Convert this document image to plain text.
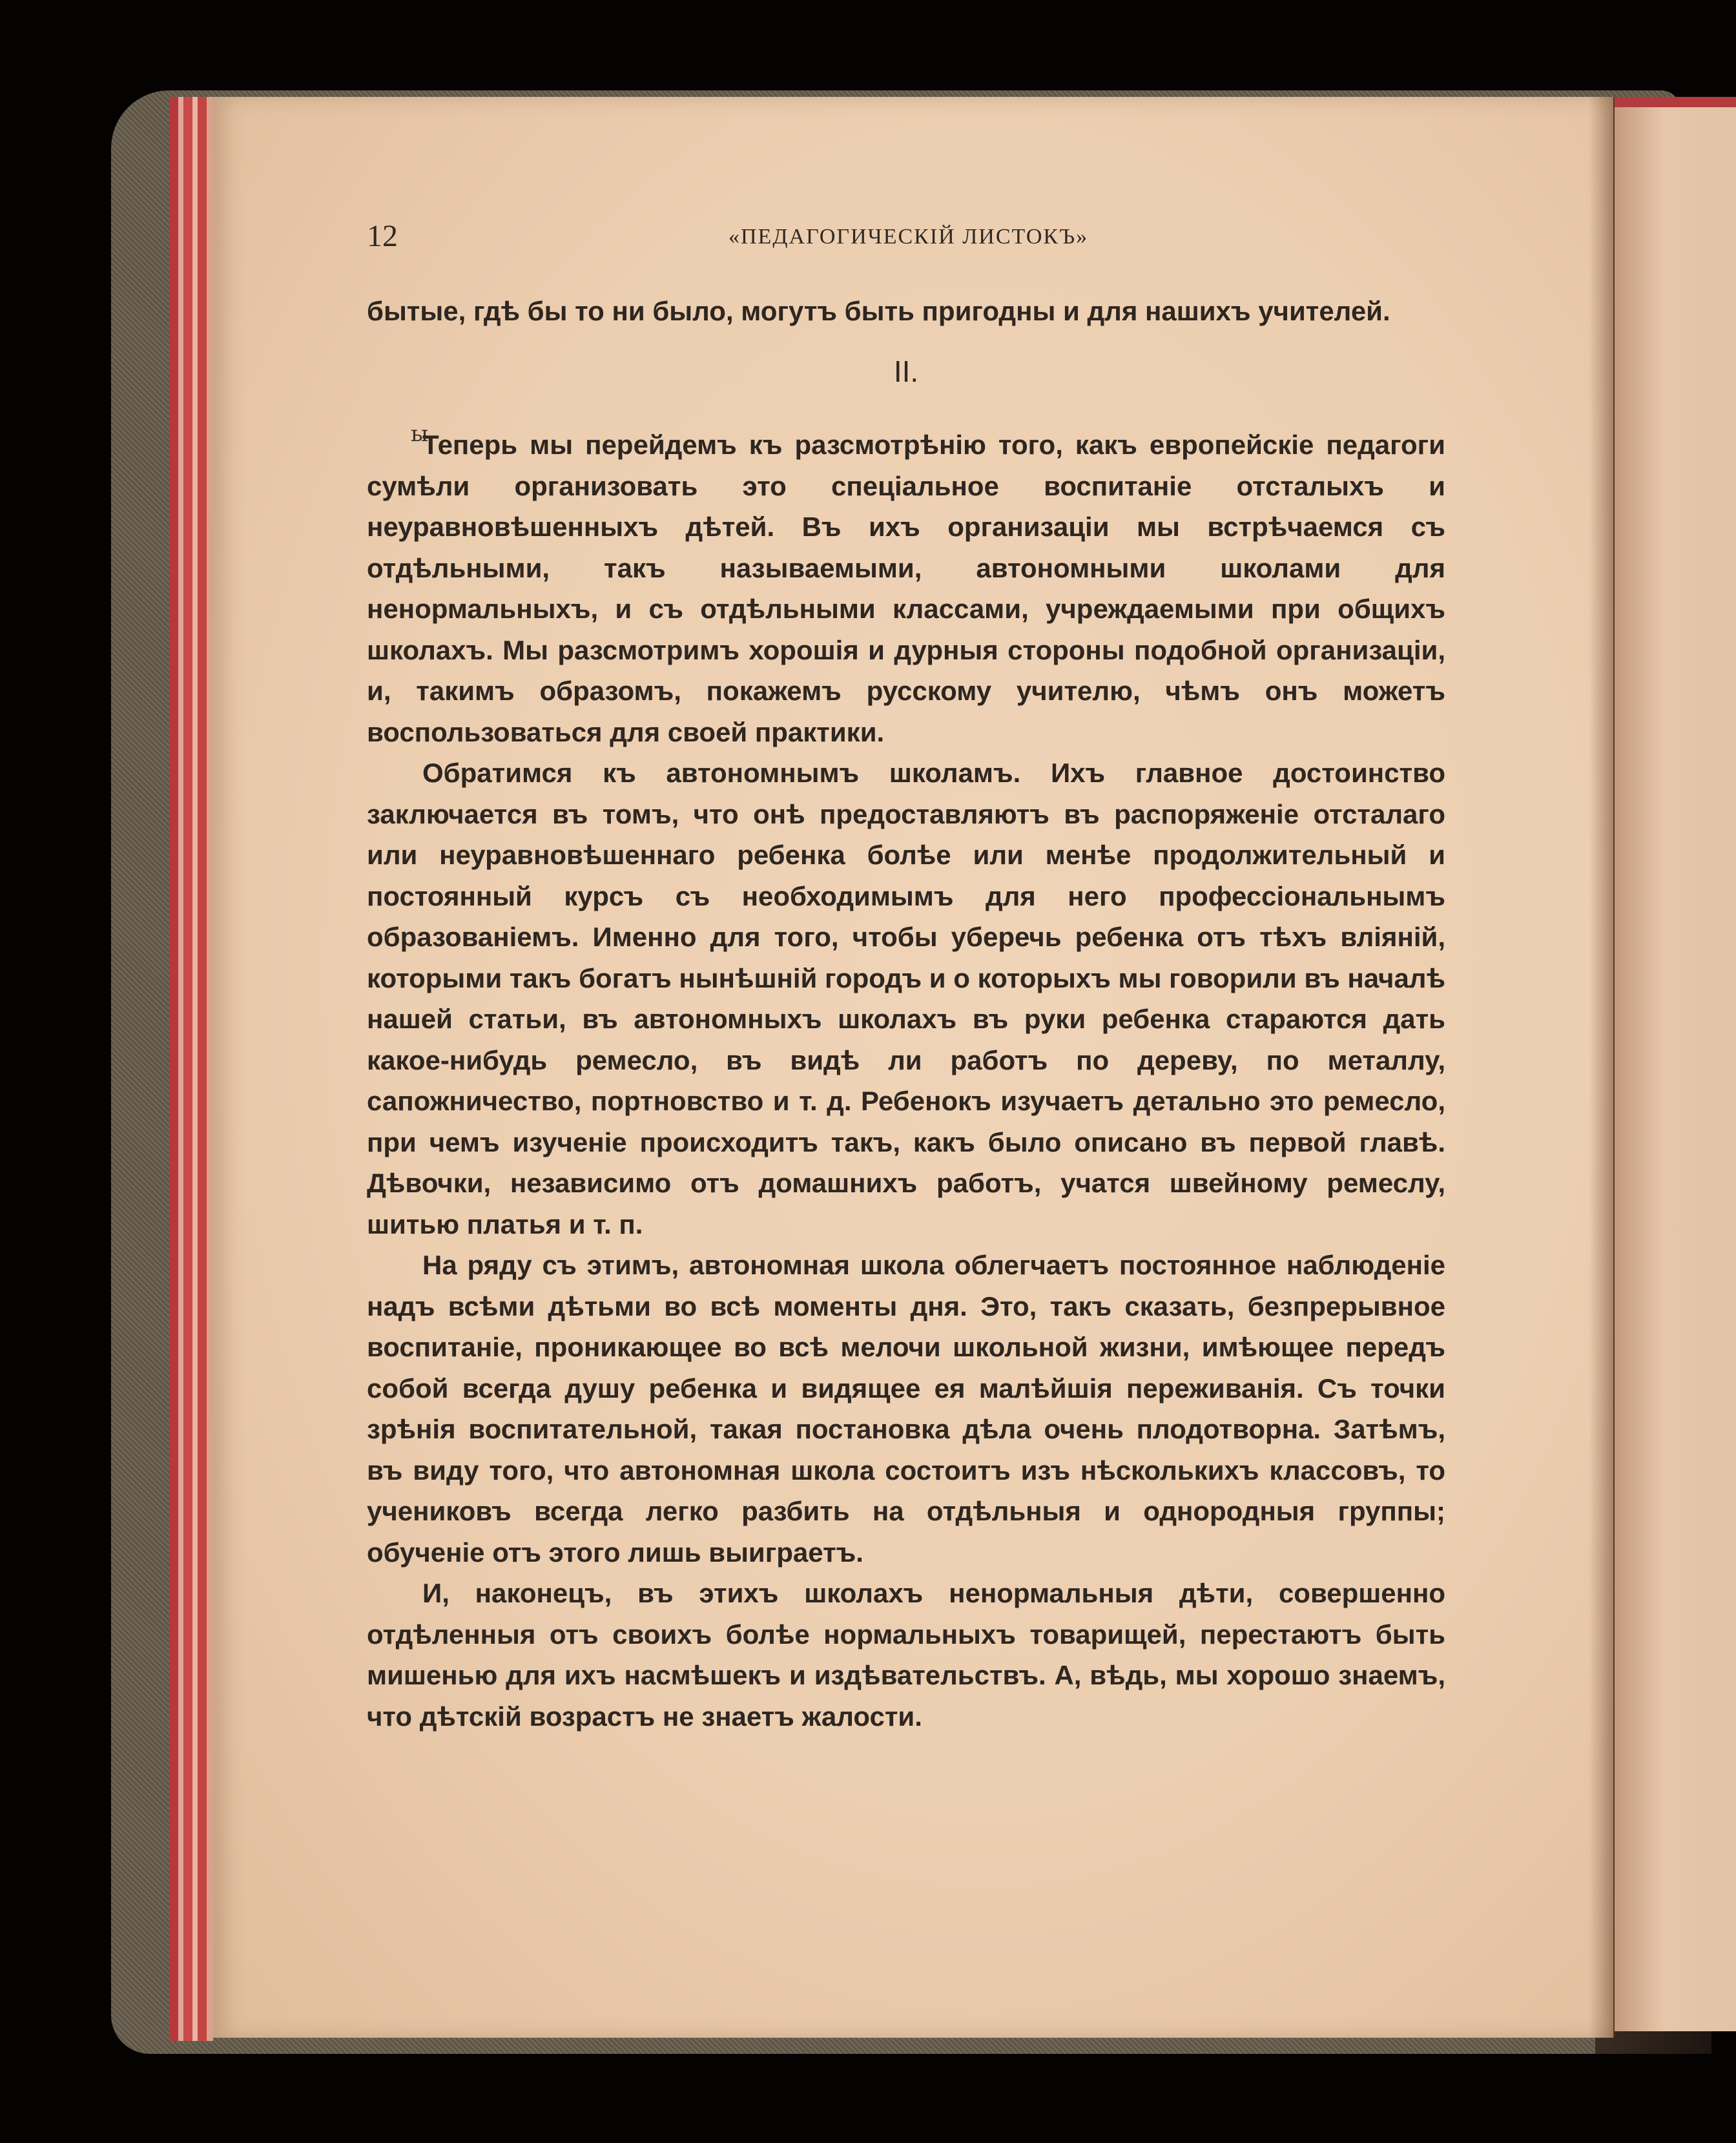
12	«ПЕДАГОГИЧЕСКІЙ ЛИСТОКЪ»
ы

бытые, гдѣ бы то ни было, могутъ быть пригодны и для нашихъ учителей.

II.

Теперь мы перейдемъ къ разсмотрѣнію того, какъ европейскіе педагоги сумѣли организовать это спеціальное воспитаніе отсталыхъ и неуравновѣшенныхъ дѣтей. Въ ихъ организаціи мы встрѣчаемся съ отдѣльными, такъ называемыми, автономными школами для ненормальныхъ, и съ отдѣльными классами, учреждаемыми при общихъ школахъ. Мы разсмотримъ хорошія и дурныя стороны подобной организаціи, и, такимъ образомъ, покажемъ русскому учителю, чѣмъ онъ можетъ воспользоваться для своей практики.

Обратимся къ автономнымъ школамъ. Ихъ главное достоинство заключается въ томъ, что онѣ предоставляютъ въ распоряженіе отсталаго или неуравновѣшеннаго ребенка болѣе или менѣе продолжительный и постоянный курсъ съ необходимымъ для него профессіональнымъ образованіемъ. Именно для того, чтобы уберечь ребенка отъ тѣхъ вліяній, которыми такъ богатъ нынѣшній городъ и о которыхъ мы говорили въ началѣ нашей статьи, въ автономныхъ школахъ въ руки ребенка стараются дать какое-нибудь ремесло, въ видѣ ли работъ по дереву, по металлу, сапожничество, портновство и т. д. Ребенокъ изучаетъ детально это ремесло, при чемъ изученіе происходитъ такъ, какъ было описано въ первой главѣ. Дѣвочки, независимо отъ домашнихъ работъ, учатся швейному ремеслу, шитью платья и т. п.

На ряду съ этимъ, автономная школа облегчаетъ постоянное наблюденіе надъ всѣми дѣтьми во всѣ моменты дня. Это, такъ сказать, безпрерывное воспитаніе, проникающее во всѣ мелочи школьной жизни, имѣющее передъ собой всегда душу ребенка и видящее ея малѣйшія переживанія. Съ точки зрѣнія воспитательной, такая постановка дѣла очень плодотворна. Затѣмъ, въ виду того, что автономная школа состоитъ изъ нѣсколькихъ классовъ, то учениковъ всегда легко разбить на отдѣльныя и однородныя группы; обученіе отъ этого лишь выиграетъ.

И, наконецъ, въ этихъ школахъ ненормальныя дѣти, совершенно отдѣленныя отъ своихъ болѣе нормальныхъ товарищей, перестаютъ быть мишенью для ихъ насмѣшекъ и издѣвательствъ. А, вѣдь, мы хорошо знаемъ, что дѣтскій возрастъ не знаетъ жалости.
